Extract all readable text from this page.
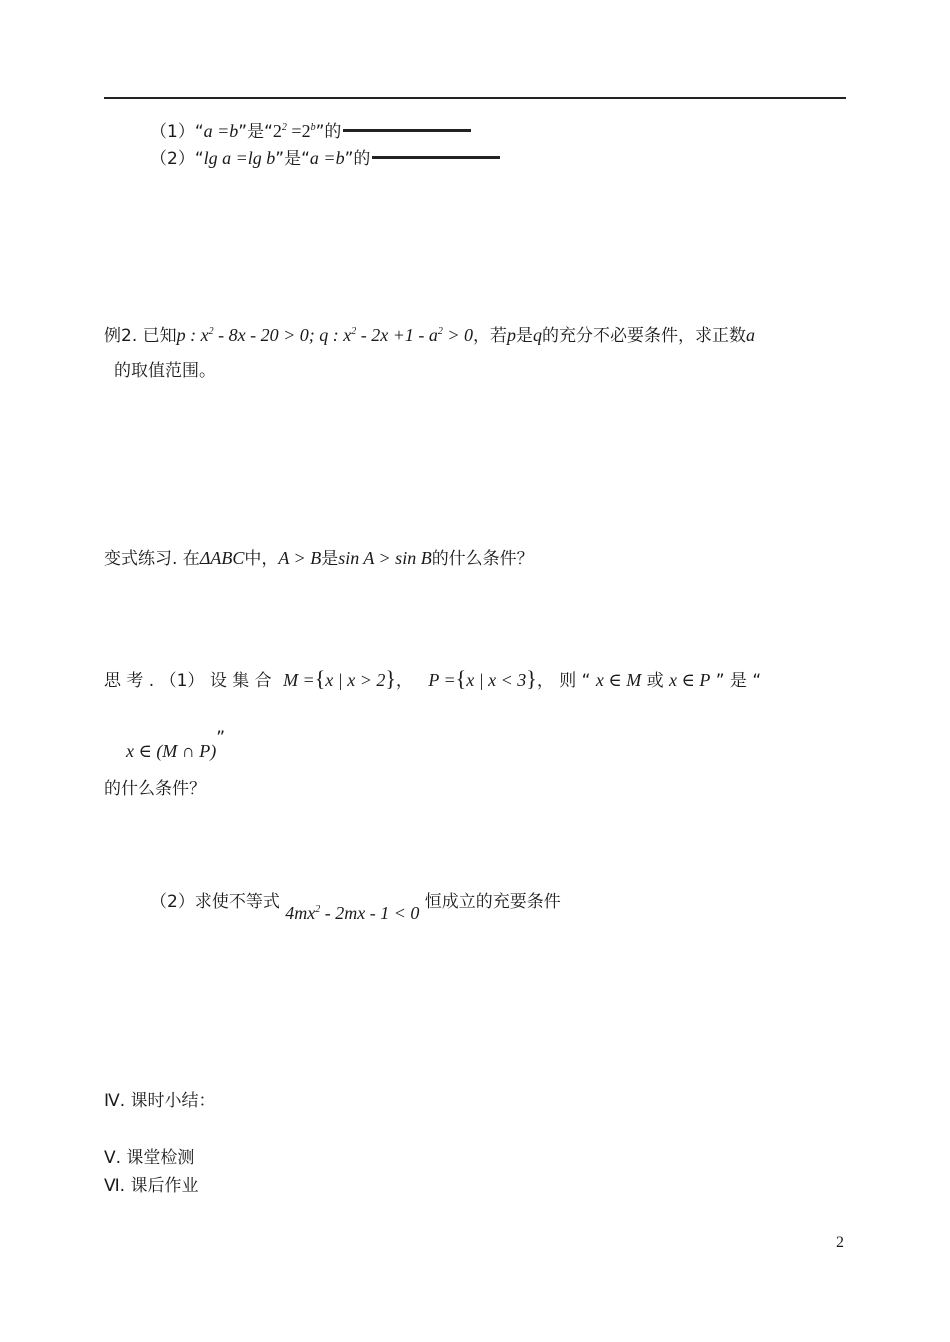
（1）“a =b”是“$2^2 =2^b$”的
（2）“lg a =lg b”是“a =b”的
例2. 已知p : $x^2 - 8x - 20 > 0$; q : $x^2 - 2x +1 - a^2 > 0$，若p是q的充分不必要条件，求正数a
的取值范围。
变式练习. 在ΔABC中，A > B是sin A > sin B的什么条件？
思 考 . （1） 设 集 合 M ={x | x > 2}， P ={x | x < 3}， 则 “ x ∈ M 或 x ∈ P ” 是 “
x ∈ (M ∩ P)”
的什么条件？
（2）求使不等式 $4mx^2 - 2mx - 1 < 0$ 恒成立的充要条件
Ⅳ. 课时小结：
Ⅴ. 课堂检测
Ⅵ. 课后作业
2
